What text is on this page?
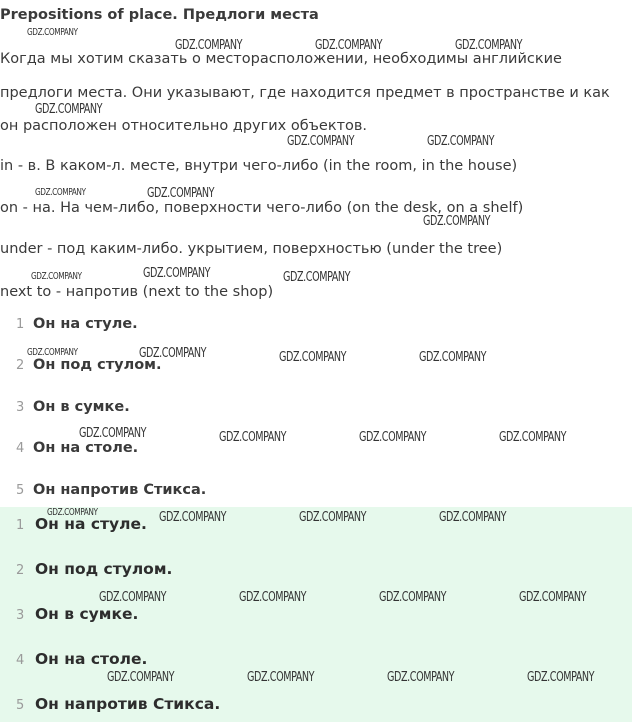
Prepositions of place. Предлоги места
Когда мы хотим сказать о месторасположении, необходимы английские
предлоги места. Они указывают, где находится предмет в пространстве и как
он расположен относительно других объектов.
in - в. В каком-л. месте, внутри чего-либо (in the room, in the house)
on - на. На чем-либо, поверхности чего-либо (on the desk, on a shelf)
under - под каким-либо. укрытием, поверхностью (under the tree)
next to - напротив (next to the shop)
1 Он на стуле.
2 Он под стулом.
3 Он в сумке.
4 Он на столе.
5 Он напротив Стикса.
1 Он на стуле.
2 Он под стулом.
3 Он в сумке.
4 Он на столе.
5 Он напротив Стикса.
GDZ.COMPANY
GDZ.COMPANY	GDZ.COMPANY	GDZ.COMPANY
GDZ.COMPANY
GDZ.COMPANY	GDZ.COMPANY
GDZ.COMPANY	GDZ.COMPANY
GDZ.COMPANY
GDZ.COMPANY	GDZ.COMPANY	GDZ.COMPANY
GDZ.COMPANY	GDZ.COMPANY	GDZ.COMPANY	GDZ.COMPANY
GDZ.COMPANY	GDZ.COMPANY	GDZ.COMPANY	GDZ.COMPANY
GDZ.COMPANY	GDZ.COMPANY	GDZ.COMPANY	GDZ.COMPANY
GDZ.COMPANY	GDZ.COMPANY	GDZ.COMPANY	GDZ.COMPANY
GDZ.COMPANY	GDZ.COMPANY	GDZ.COMPANY	GDZ.COMPANY
